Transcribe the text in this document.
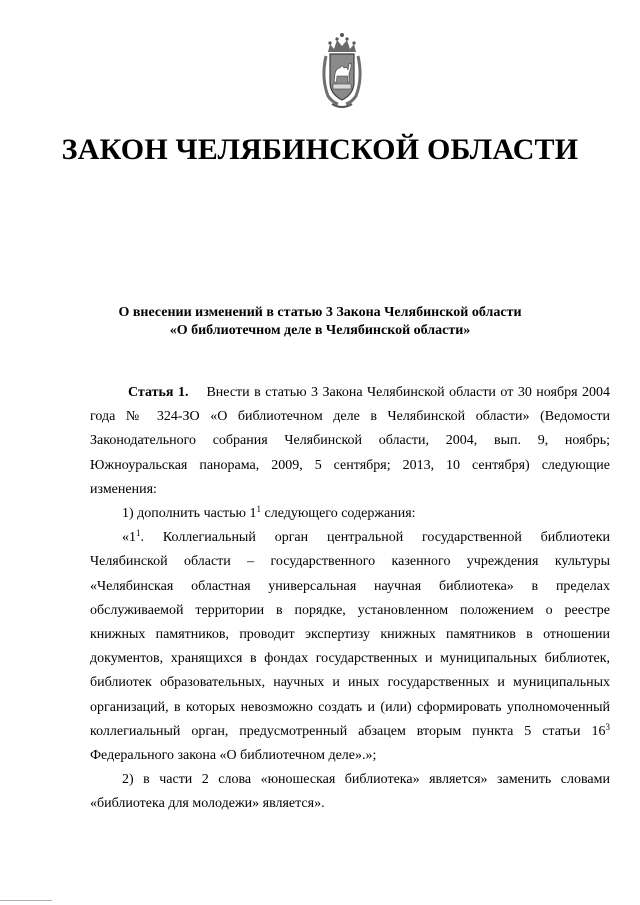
ЗАКОН ЧЕЛЯБИНСКОЙ ОБЛАСТИ
О внесении изменений в статью 3 Закона Челябинской области
«О библиотечном деле в Челябинской области»

Статья 1. Внести в статью 3 Закона Челябинской области от 30 ноября 2004 года № 324-ЗО «О библиотечном деле в Челябинской области» (Ведомости Законодательного собрания Челябинской области, 2004, вып. 9, ноябрь; Южноуральская панорама, 2009, 5 сентября; 2013, 10 сентября) следующие изменения:

1) дополнить частью $1^1$ следующего содержания:

«$1^1$. Коллегиальный орган центральной государственной библиотеки Челябинской области – государственного казенного учреждения культуры «Челябинская областная универсальная научная библиотека» в пределах обслуживаемой территории в порядке, установленном положением о реестре книжных памятников, проводит экспертизу книжных памятников в отношении документов, хранящихся в фондах государственных и муниципальных библиотек, библиотек образовательных, научных и иных государственных и муниципальных организаций, в которых невозможно создать и (или) сформировать уполномоченный коллегиальный орган, предусмотренный абзацем вторым пункта 5 статьи $16^3$ Федерального закона «О библиотечном деле».»;

2) в части 2 слова «юношеская библиотека» является» заменить словами «библиотека для молодежи» является».
